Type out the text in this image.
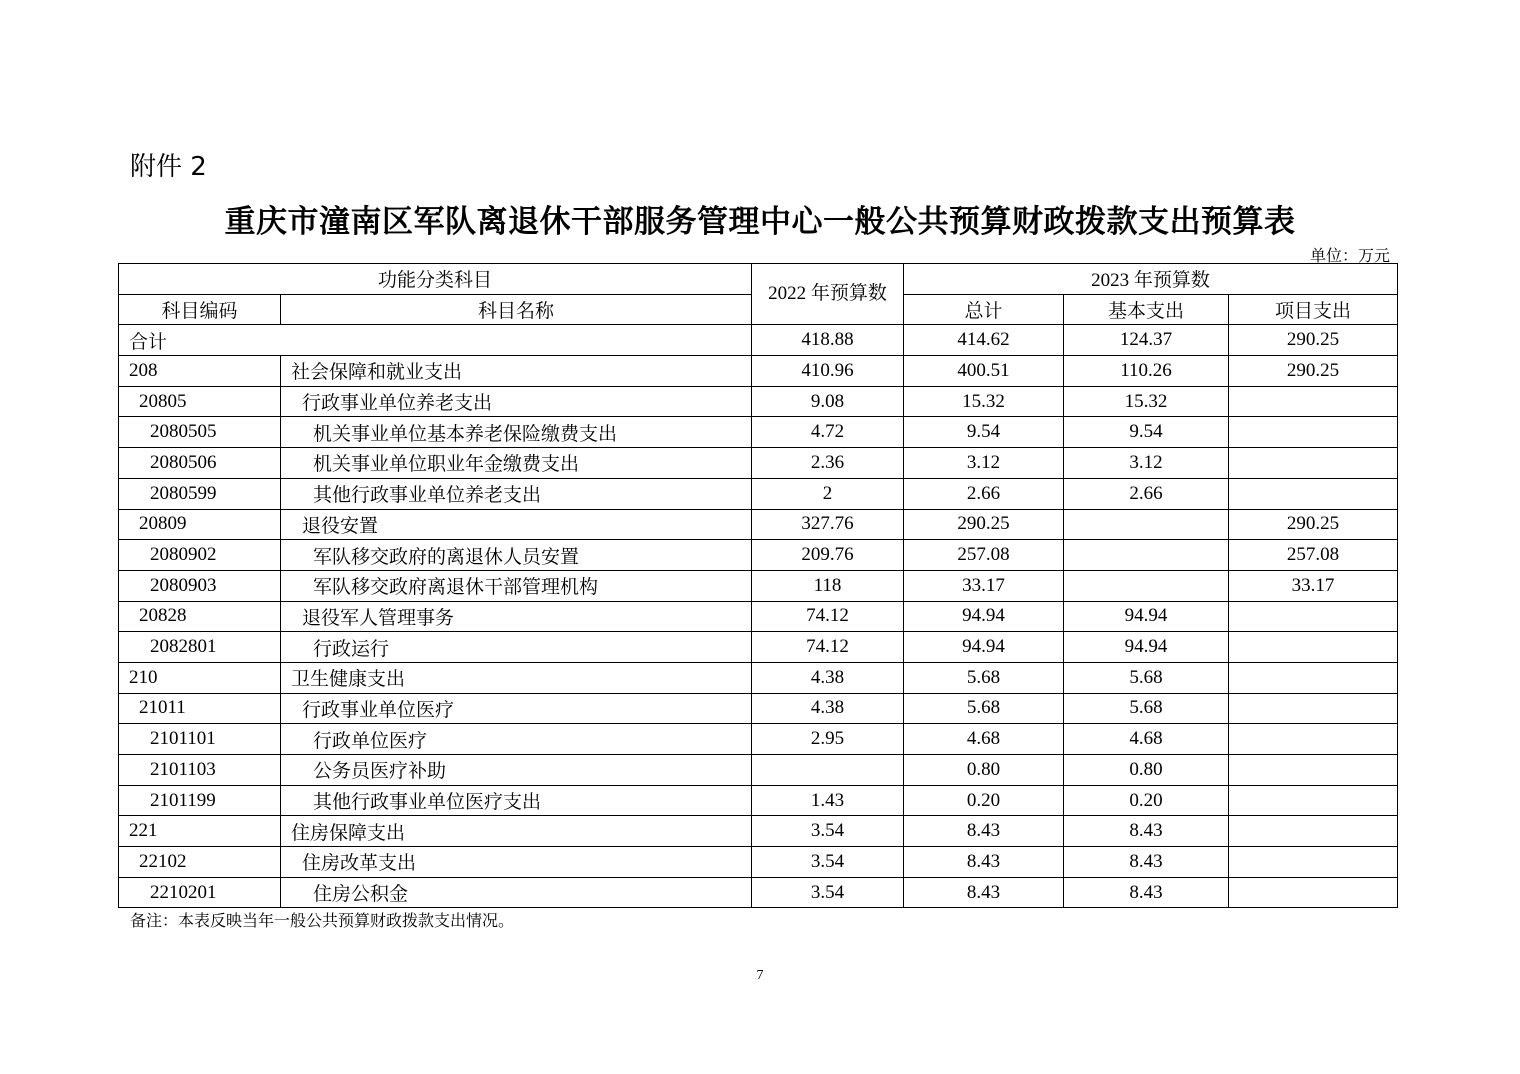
附件 2
重庆市潼南区军队离退休干部服务管理中心一般公共预算财政拨款支出预算表
单位：万元
功能分类科目		2022 年预算数	2023 年预算数		
科目编码	科目名称		总计	基本支出	项目支出
合计		418.88	414.62	124.37	290.25
208	社会保障和就业支出	410.96	400.51	110.26	290.25
20805	行政事业单位养老支出	9.08	15.32	15.32	
2080505	机关事业单位基本养老保险缴费支出	4.72	9.54	9.54	
2080506	机关事业单位职业年金缴费支出	2.36	3.12	3.12	
2080599	其他行政事业单位养老支出	2	2.66	2.66	
20809	退役安置	327.76	290.25		290.25
2080902	军队移交政府的离退休人员安置	209.76	257.08		257.08
2080903	军队移交政府离退休干部管理机构	118	33.17		33.17
20828	退役军人管理事务	74.12	94.94	94.94	
2082801	行政运行	74.12	94.94	94.94	
210	卫生健康支出	4.38	5.68	5.68	
21011	行政事业单位医疗	4.38	5.68	5.68	
2101101	行政单位医疗	2.95	4.68	4.68	
2101103	公务员医疗补助		0.80	0.80	
2101199	其他行政事业单位医疗支出	1.43	0.20	0.20	
221	住房保障支出	3.54	8.43	8.43	
22102	住房改革支出	3.54	8.43	8.43	
2210201	住房公积金	3.54	8.43	8.43	
备注：本表反映当年一般公共预算财政拨款支出情况。
7
